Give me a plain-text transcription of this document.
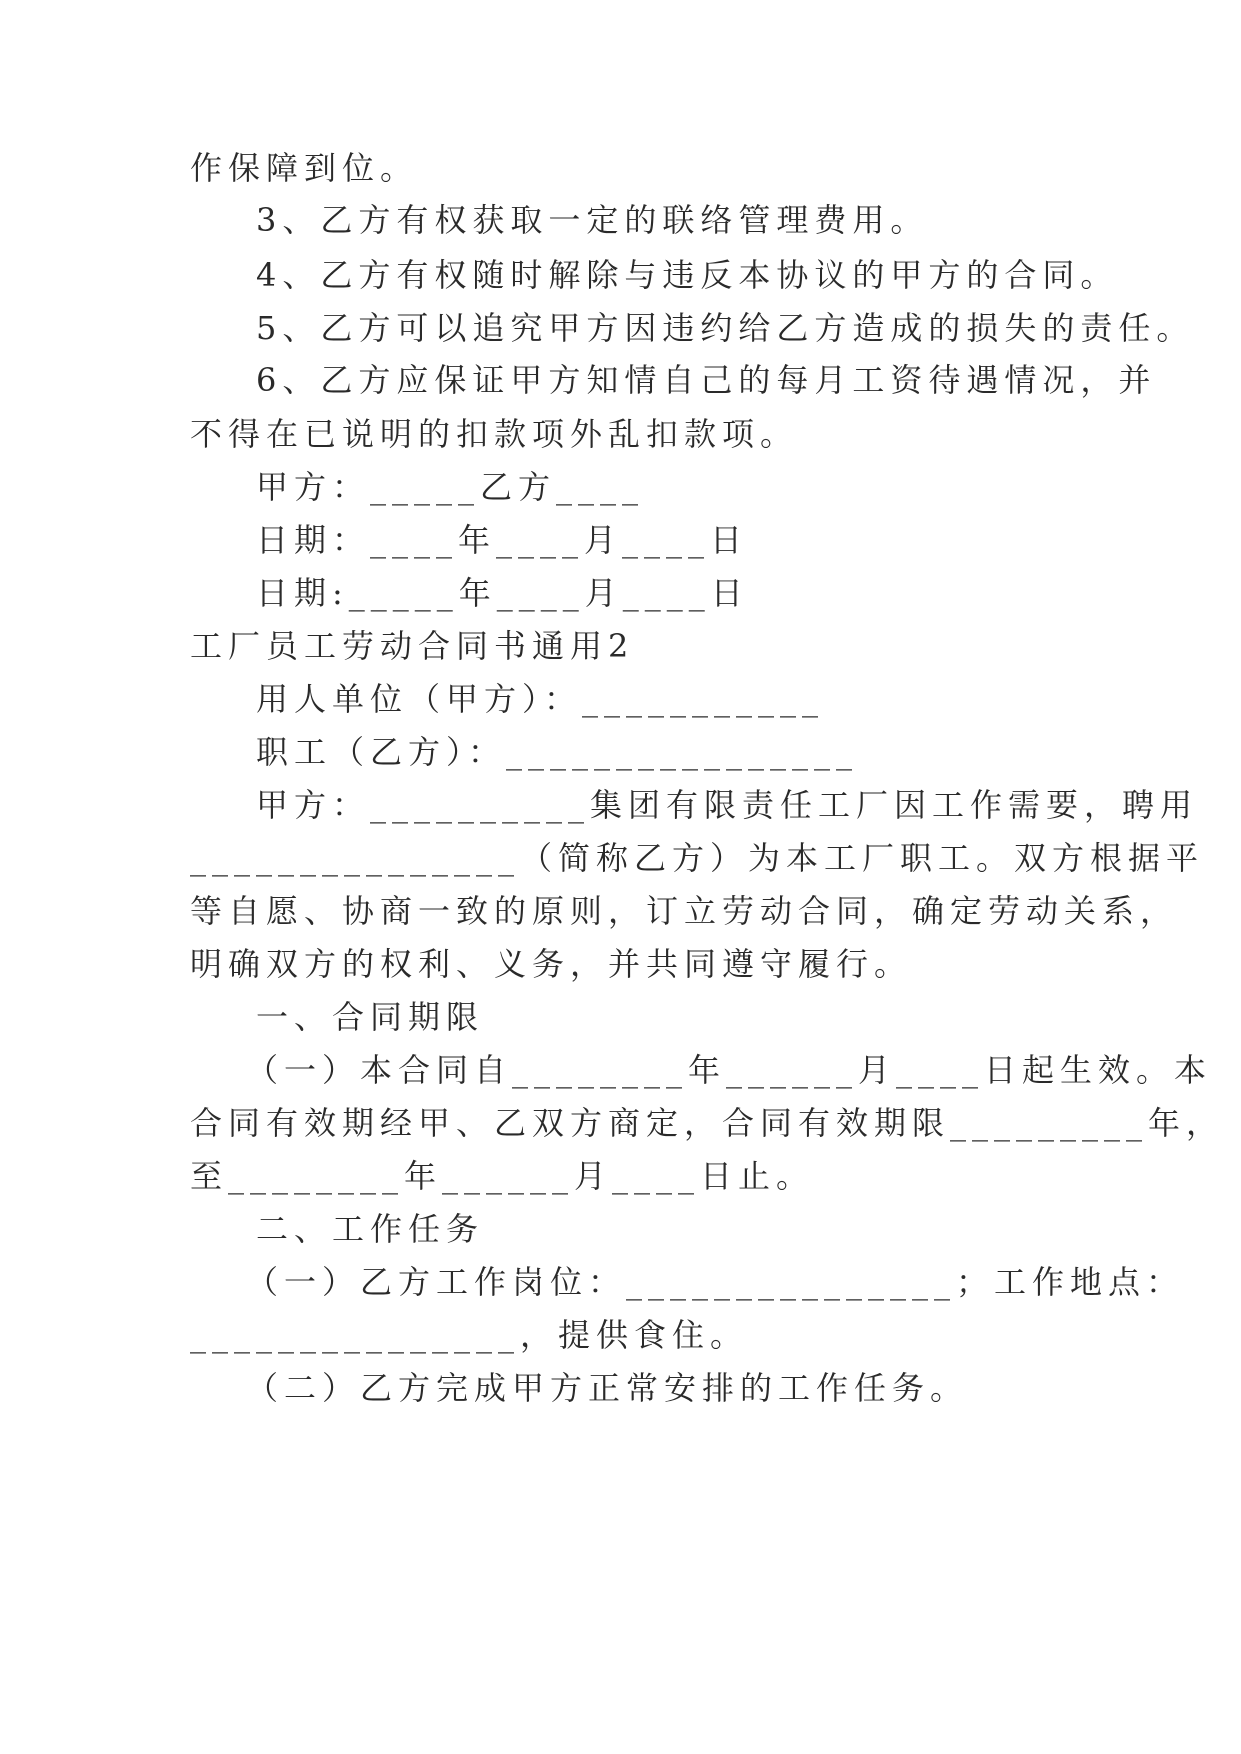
作保障到位。
3、乙方有权获取一定的联络管理费用。
4、乙方有权随时解除与违反本协议的甲方的合同。
5、乙方可以追究甲方因违约给乙方造成的损失的责任。
6、乙方应保证甲方知情自己的每月工资待遇情况，并
不得在已说明的扣款项外乱扣款项。
甲方：_____乙方____
日期：____年____月____日
日期:_____年____月____日
工厂员工劳动合同书通用2
用人单位（甲方）：___________
职工（乙方）：________________
甲方：__________集团有限责任工厂因工作需要，聘用
_______________（简称乙方）为本工厂职工。双方根据平
等自愿、协商一致的原则，订立劳动合同，确定劳动关系，
明确双方的权利、义务，并共同遵守履行。
一、合同期限
（一）本合同自________年______月____日起生效。本
合同有效期经甲、乙双方商定，合同有效期限_________年，
至________年______月____日止。
二、工作任务
（一）乙方工作岗位：_______________；工作地点：
_______________，提供食住。
（二）乙方完成甲方正常安排的工作任务。
